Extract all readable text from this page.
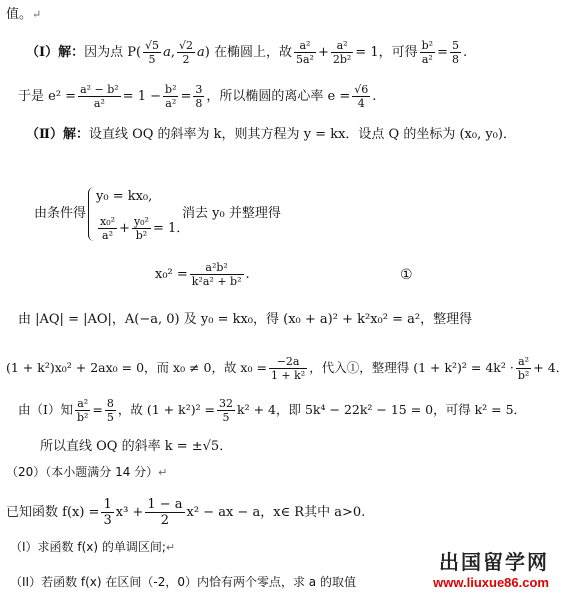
值。↵
（Ⅰ）解：因为点 $P( \frac{√5}{5} a$, $\frac{√2}{2} a$) 在椭圆上，故 $\frac{\text{a²}}{\text{5a²}} + \frac{\text{a²}}{\text{2b²}} = 1$，可得 $\frac{\text{b²}}{\text{a²}} = \frac{5}{8}$ .
于是 $e^2 = \frac{\text{a² − b²}}{\text{a²}} = 1 - \frac{\text{b²}}{\text{a²}} = \frac{3}{8}$ ，所以椭圆的离心率 $e = \frac{√6}{4}$ .
（Ⅱ）解：设直线 OQ 的斜率为 k，则其方程为 y = kx．设点 Q 的坐标为 (x₀, y₀)．
由条件得
y₀ = kx₀,
$\frac{\text{x₀²}}{\text{a²}} + \frac{\text{y₀²}}{\text{b²}} = 1$．
消去 y₀ 并整理得
$x_0^2 = \frac{\text{a²b²}}{\text{k²a² + b²}}$ .	①
由 |AQ| = |AO|，A(−a, 0) 及 y₀ = kx₀，得 (x₀ + a)² + k²x₀² = a²，整理得
(1 + k²)x₀² + 2ax₀ = 0，而 x₀ ≠ 0，故 $x_0 = \frac{-2a}{\text{1 + k²}}$ ，代入①，整理得 $(1 + k^2)^2 = 4k^2 \cdot \frac{\text{a²}}{\text{b²}} + 4$．
由（Ⅰ）知 $\frac{\text{a²}}{\text{b²}} = \frac{8}{5}$ ，故 $(1 + k^2)^2 = \frac{32}{5} k^2 + 4$，即 5k⁴ − 22k² − 15 = 0，可得 k² = 5．
所以直线 OQ 的斜率 k = ±√5．
（20）（本小题满分 14 分）↵
已知函数 $f(x) = \frac{1}{3} x^3 + \frac{1 - a}{2} x^2$ − ax − a，x∈ R其中 a>0.
（I）求函数 f(x) 的单调区间;↵
（II）若函数 f(x) 在区间（-2，0）内恰有两个零点，求 a 的取值
出国留学网
www.liuxue86.com
